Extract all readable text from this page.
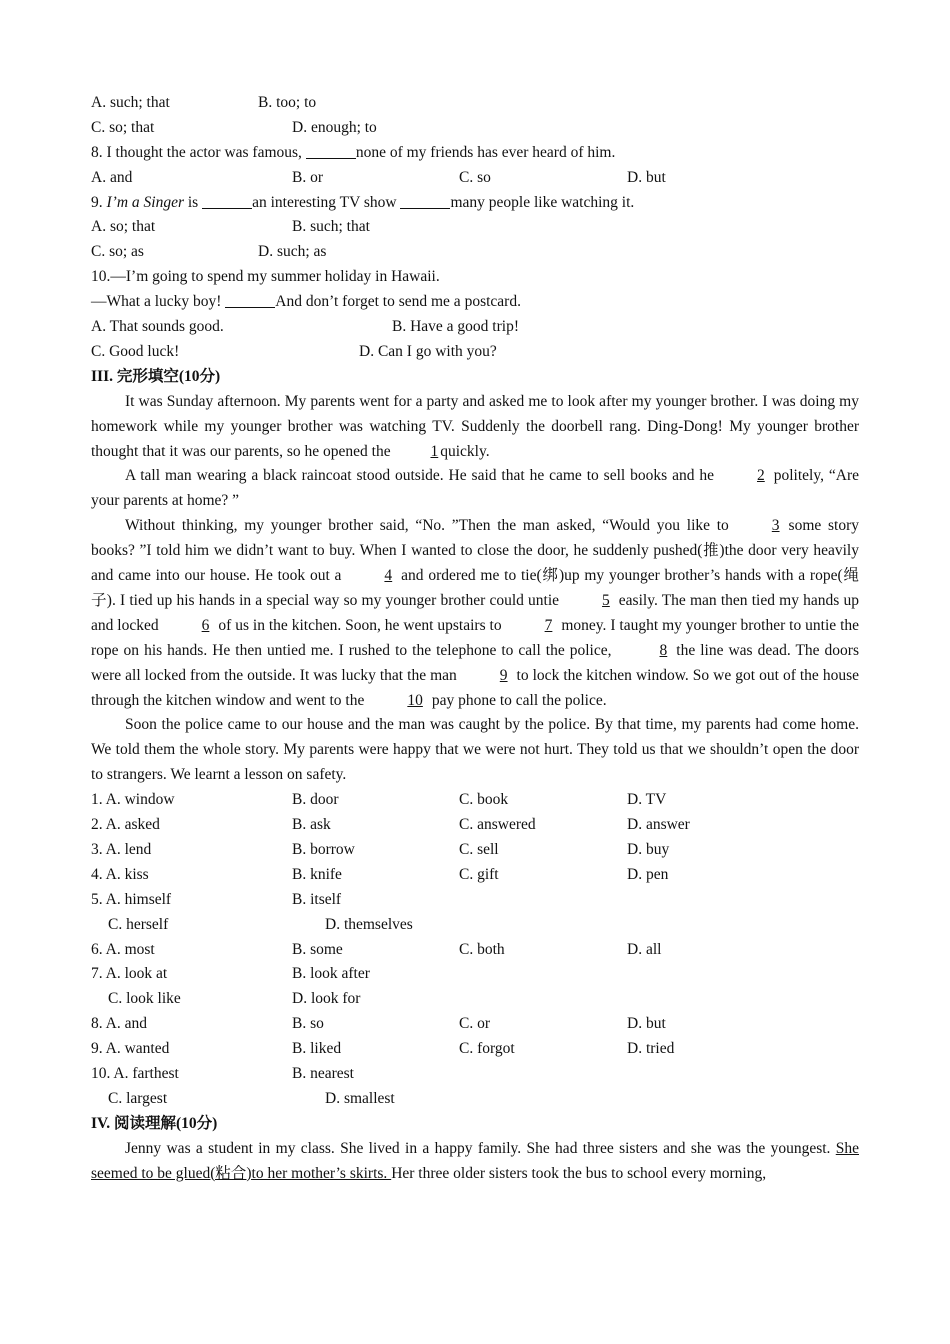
A. such; that	B. too; to
C. so; that	D. enough; to
8. I thought the actor was famous,	none of my friends has ever heard of him.
A. and	B. or	C. so	D. but
9. I’m a Singer is	an interesting TV show	many people like watching it.
A. so; that	B. such; that
C. so; as	D. such; as
10.—I’m going to spend my summer holiday in Hawaii.
—What a lucky boy!	And don’t forget to send me a postcard.
A. That sounds good.	B. Have a good trip!
C. Good luck!	D. Can I go with you?
III. 完形填空(10分)

It was Sunday afternoon. My parents went for a party and asked me to look after my younger brother. I was doing my homework while my younger brother was watching TV. Suddenly the doorbell rang. Ding-Dong! My younger brother thought that it was our parents, so he opened the 1 quickly.

A tall man wearing a black raincoat stood outside. He said that he came to sell books and he	2 politely, “Are your parents at home? ”

Without thinking, my younger brother said, “No. ”Then the man asked, “Would you like to	3 some story books? ”I told him we didn’t want to buy. When I wanted to close the door, he suddenly pushed(推)the door very heavily and came into our house. He took out a	4 and ordered me to tie(绑)up my younger brother’s hands with a rope(绳子). I tied up his hands in a special way so my younger brother could untie	5 easily. The man then tied my hands up and locked	6 of us in the kitchen. Soon, he went upstairs to	7 money. I taught my younger brother to untie the rope on his hands. He then untied me. I rushed to the telephone to call the police,	8 the line was dead. The doors were all locked from the outside. It was lucky that the man	9 to lock the kitchen window. So we got out of the house through the kitchen window and went to the	10 pay phone to call the police.

Soon the police came to our house and the man was caught by the police. By that time, my parents had come home. We told them the whole story. My parents were happy that we were not hurt. They told us that we shouldn’t open the door to strangers. We learnt a lesson on safety.

1. A. window	B. door	C. book	D. TV
2. A. asked	B. ask	C. answered	D. answer
3. A. lend	B. borrow	C. sell	D. buy
4. A. kiss	B. knife	C. gift	D. pen
5. A. himself	B. itself
C. herself	D. themselves
6. A. most	B. some	C. both	D. all
7. A. look at	B. look after
C. look like	D. look for
8. A. and	B. so	C. or	D. but
9. A. wanted	B. liked	C. forgot	D. tried
10. A. farthest	B. nearest
C. largest	D. smallest
IV. 阅读理解(10分)

Jenny was a student in my class. She lived in a happy family. She had three sisters and she was the youngest. She seemed to be glued(粘合)to her mother’s skirts. Her three older sisters took the bus to school every morning,
